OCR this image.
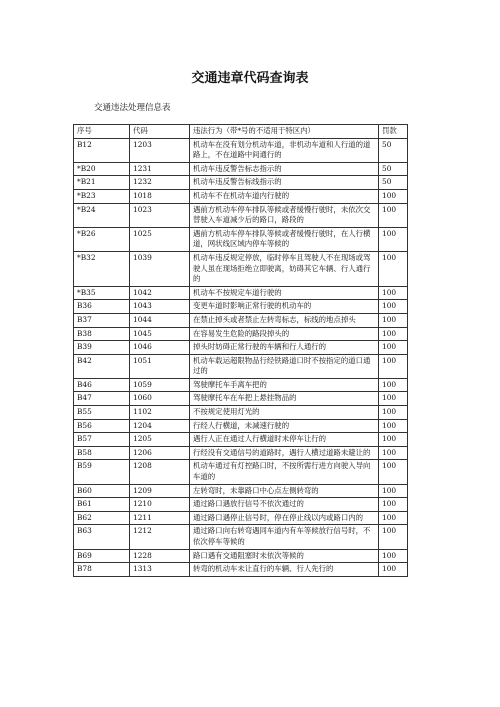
交通违章代码查询表
交通违法处理信息表
序号	代码	违法行为（带*号的不适用于特区内）	罚款
B12	1203	机动车在没有划分机动车道，非机动车道和人行道的道路上，不在道路中间通行的	50
*B20	1231	机动车违反警告标志指示的	50
*B21	1232	机动车违反警告标线指示的	50
*B23	1018	机动车不在机动车道内行驶的	100
*B24	1023	遇前方机动车停车排队等候或者缓慢行驶时，未依次交替驶入车道减少后的路口，路段的	100
*B26	1025	遇前方机动车停车排队等候或者缓慢行驶时，在人行横道，网状线区域内停车等候的	100
*B32	1039	机动车违反规定停放，临时停车且驾驶人不在现场或驾驶人虽在现场拒绝立即驶离，妨碍其它车辆、行人通行的	100
*B35	1042	机动车不按规定车道行驶的	100
B36	1043	变更车道时影响正常行驶的机动车的	100
B37	1044	在禁止掉头或者禁止左转弯标志，标线的地点掉头	100
B38	1045	在容易发生危险的路段掉头的	100
B39	1046	掉头时妨碍正常行驶的车辆和行人通行的	100
B42	1051	机动车载运超限物品行经铁路道口时不按指定的道口通过的	100
B46	1059	驾驶摩托车手离车把的	100
B47	1060	驾驶摩托车在车把上悬挂物品的	100
B55	1102	不按规定使用灯光的	100
B56	1204	行经人行横道，未减速行驶的	100
B57	1205	遇行人正在通过人行横道时未停车让行的	100
B58	1206	行经没有交通信号的道路时，遇行人横过道路未避让的	100
B59	1208	机动车通过有灯控路口时，不按所需行进方向驶入导向车道的	100
B60	1209	左转弯时，未靠路口中心点左侧转弯的	100
B61	1210	通过路口遇放行信号不依次通过的	100
B62	1211	通过路口遇停止信号时，停在停止线以内或路口内的	100
B63	1212	通过路口向右转弯遇同车道内有车等候放行信号时，不依次停车等候的	100
B69	1228	路口遇有交通阻塞时未依次等候的	100
B78	1313	转弯的机动车未让直行的车辆、行人先行的	100
